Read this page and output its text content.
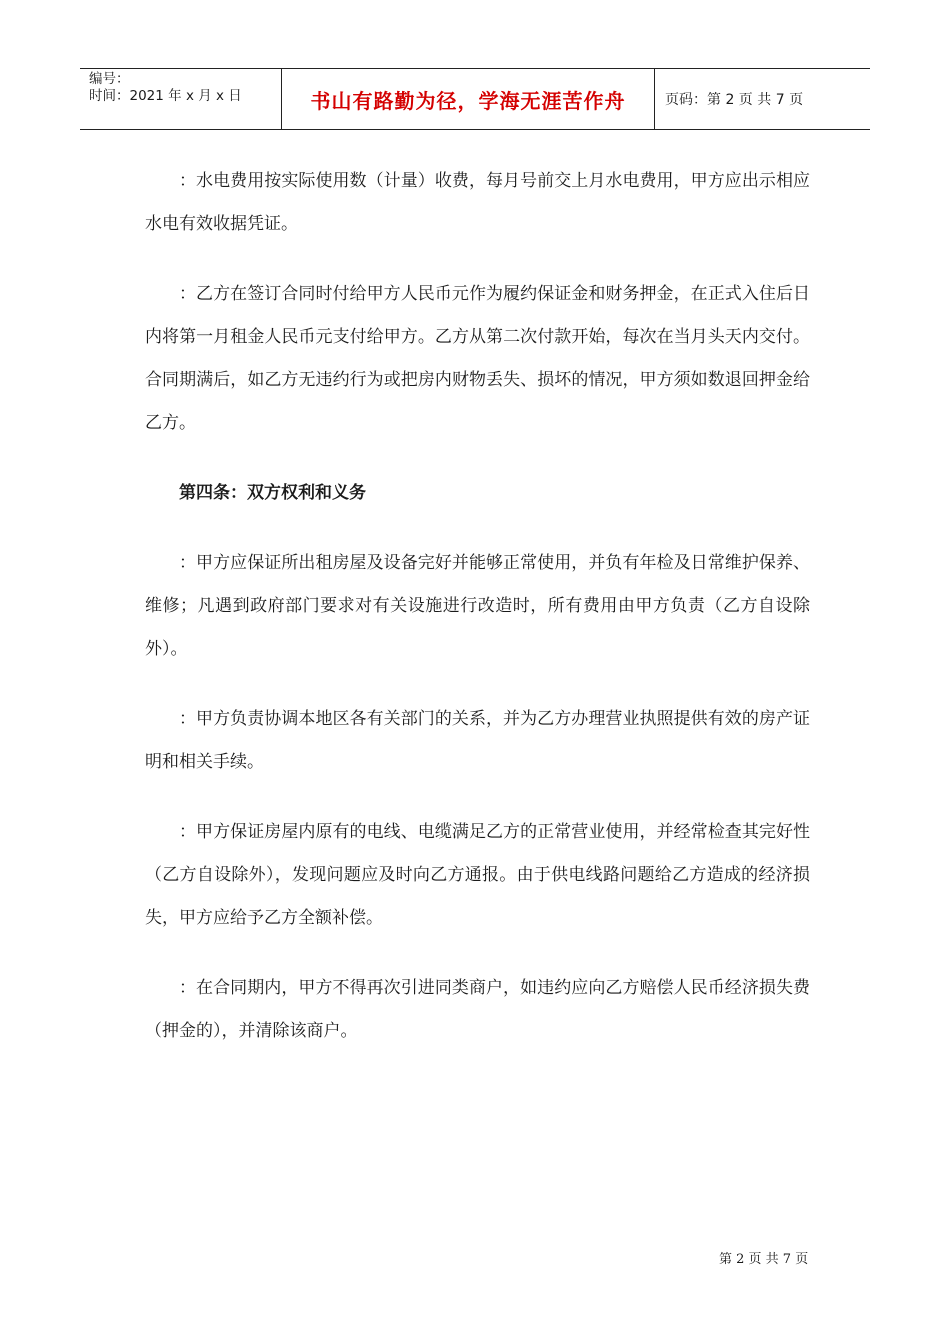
编号：
时间：2021 年 x 月 x 日	书山有路勤为径，学海无涯苦作舟	页码：第 2 页 共 7 页

：水电费用按实际使用数（计量）收费，每月号前交上月水电费用，甲方应出示相应水电有效收据凭证。

：乙方在签订合同时付给甲方人民币元作为履约保证金和财务押金，在正式入住后日内将第一月租金人民币元支付给甲方。乙方从第二次付款开始，每次在当月头天内交付。合同期满后，如乙方无违约行为或把房内财物丢失、损坏的情况，甲方须如数退回押金给乙方。

第四条：双方权利和义务

：甲方应保证所出租房屋及设备完好并能够正常使用，并负有年检及日常维护保养、维修；凡遇到政府部门要求对有关设施进行改造时，所有费用由甲方负责（乙方自设除外）。

：甲方负责协调本地区各有关部门的关系，并为乙方办理营业执照提供有效的房产证明和相关手续。

：甲方保证房屋内原有的电线、电缆满足乙方的正常营业使用，并经常检查其完好性（乙方自设除外），发现问题应及时向乙方通报。由于供电线路问题给乙方造成的经济损失，甲方应给予乙方全额补偿。

：在合同期内，甲方不得再次引进同类商户，如违约应向乙方赔偿人民币经济损失费（押金的），并清除该商户。

第 2 页 共 7 页
